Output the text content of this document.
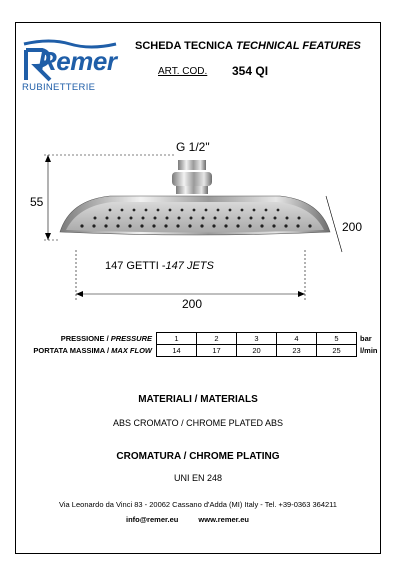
Remer
RUBINETTERIE
SCHEDA TECNICA TECHNICAL FEATURES
ART. COD. 354 QI
G 1/2"
55
200
200
147 GETTI -147 JETS
PRESSIONE / PRESSURE	1	2	3	4	5	bar
PORTATA MASSIMA / MAX FLOW	14	17	20	23	25	l/min
MATERIALI / MATERIALS
ABS CROMATO / CHROME PLATED ABS
CROMATURA / CHROME PLATING
UNI EN 248
Via Leonardo da Vinci 83 - 20062 Cassano d'Adda (MI) Italy - Tel. +39-0363 364211
info@remer.eu	www.remer.eu
